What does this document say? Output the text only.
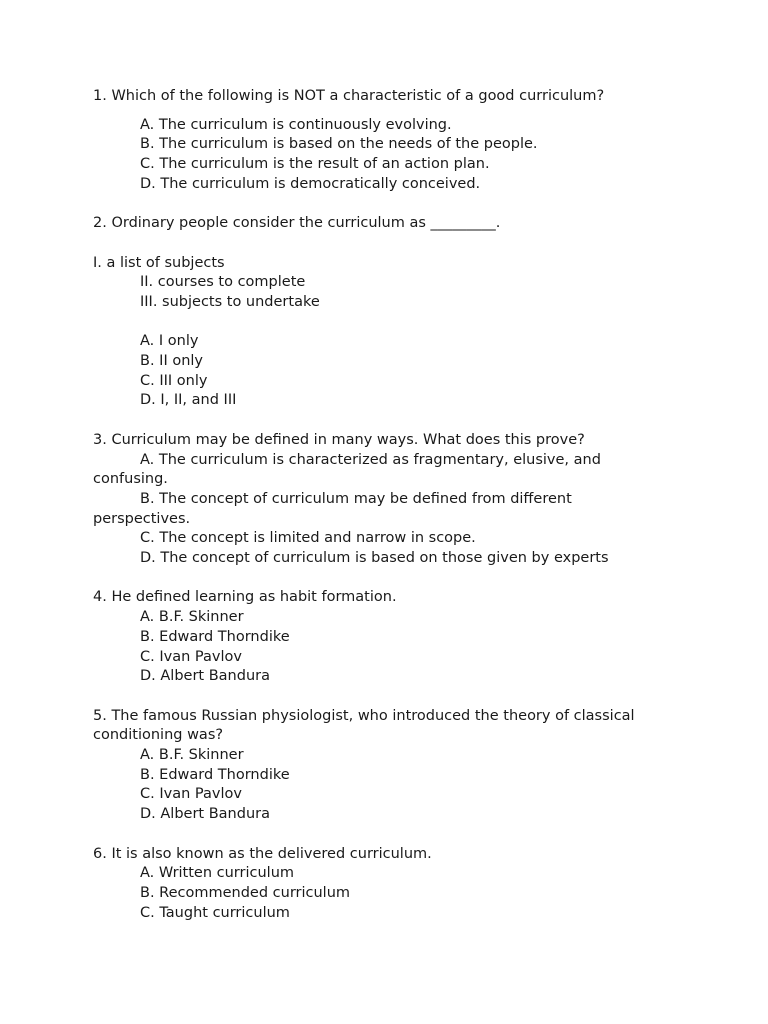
1. Which of the following is NOT a characteristic of a good curriculum?
A. The curriculum is continuously evolving.
B. The curriculum is based on the needs of the people.
C. The curriculum is the result of an action plan.
D. The curriculum is democratically conceived.
2. Ordinary people consider the curriculum as _________.
I. a list of subjects
II. courses to complete
III. subjects to undertake
A. I only
B. II only
C. III only
D. I, II, and III
3. Curriculum may be defined in many ways. What does this prove?
A. The curriculum is characterized as fragmentary, elusive, and
confusing.
B. The concept of curriculum may be defined from different
perspectives.
C. The concept is limited and narrow in scope.
D. The concept of curriculum is based on those given by experts
4. He defined learning as habit formation.
A. B.F. Skinner
B. Edward Thorndike
C. Ivan Pavlov
D. Albert Bandura
5. The famous Russian physiologist, who introduced the theory of classical
conditioning was?
A. B.F. Skinner
B. Edward Thorndike
C. Ivan Pavlov
D. Albert Bandura
6. It is also known as the delivered curriculum.
A. Written curriculum
B. Recommended curriculum
C. Taught curriculum
